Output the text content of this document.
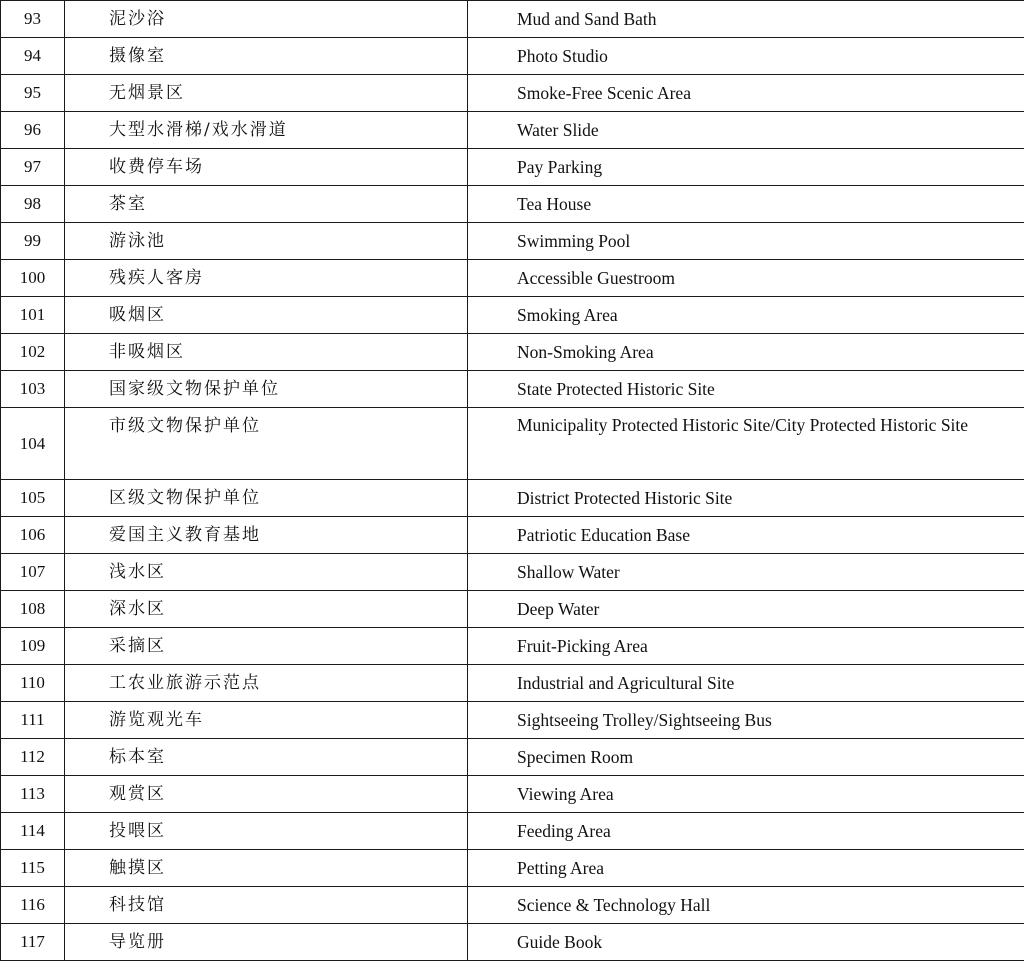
93	泥沙浴	Mud and Sand Bath
94	摄像室	Photo Studio
95	无烟景区	Smoke-Free Scenic Area
96	大型水滑梯/戏水滑道	Water Slide
97	收费停车场	Pay Parking
98	茶室	Tea House
99	游泳池	Swimming Pool
100	残疾人客房	Accessible Guestroom
101	吸烟区	Smoking Area
102	非吸烟区	Non-Smoking Area
103	国家级文物保护单位	State Protected Historic Site
104	市级文物保护单位	Municipality Protected Historic Site/City Protected Historic Site
105	区级文物保护单位	District Protected Historic Site
106	爱国主义教育基地	Patriotic Education Base
107	浅水区	Shallow Water
108	深水区	Deep Water
109	采摘区	Fruit-Picking Area
110	工农业旅游示范点	Industrial and Agricultural Site
111	游览观光车	Sightseeing Trolley/Sightseeing Bus
112	标本室	Specimen Room
113	观赏区	Viewing Area
114	投喂区	Feeding Area
115	触摸区	Petting Area
116	科技馆	Science & Technology Hall
117	导览册	Guide Book
